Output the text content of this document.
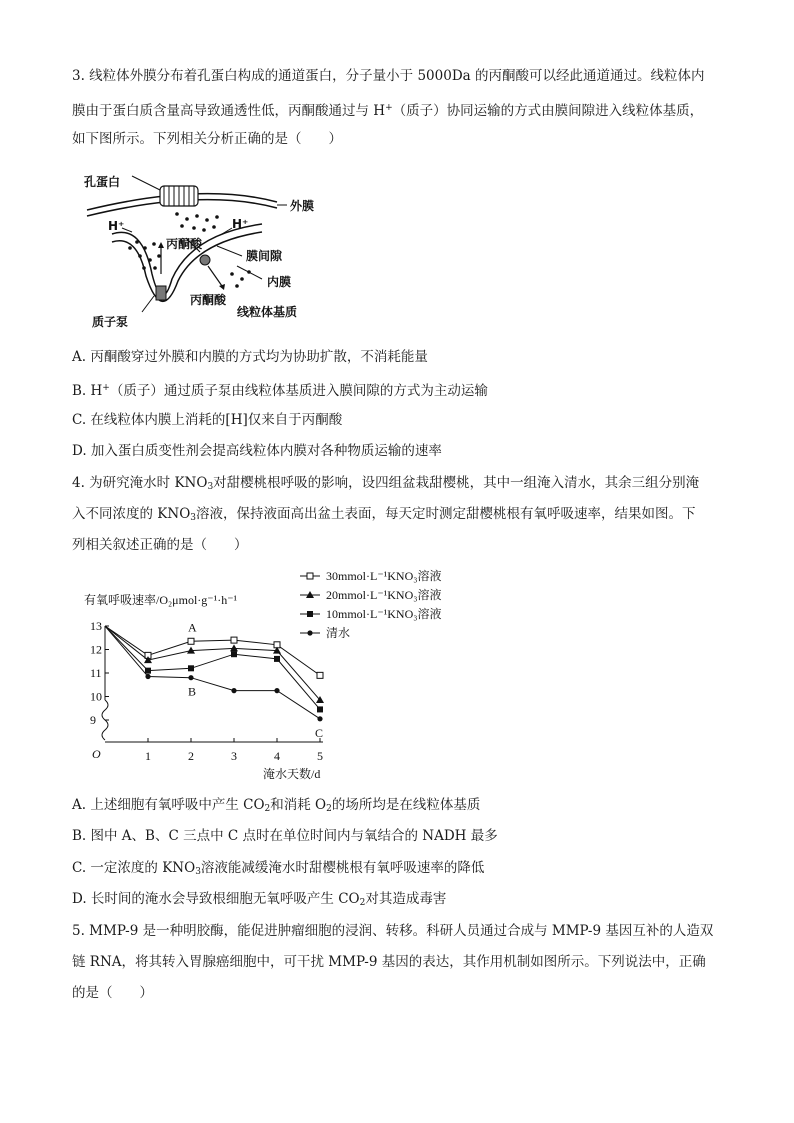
3. 线粒体外膜分布着孔蛋白构成的通道蛋白，分子量小于 5000Da 的丙酮酸可以经此通道通过。线粒体内
膜由于蛋白质含量高导致通透性低，丙酮酸通过与 H+（质子）协同运输的方式由膜间隙进入线粒体基质，
如下图所示。下列相关分析正确的是（　　）
孔蛋白
外膜
H⁺	H⁺
丙酮酸
膜间隙
内膜
质子泵
丙酮酸
线粒体基质
A. 丙酮酸穿过外膜和内膜的方式均为协助扩散，不消耗能量
B. H+（质子）通过质子泵由线粒体基质进入膜间隙的方式为主动运输
C. 在线粒体内膜上消耗的[H]仅来自于丙酮酸
D. 加入蛋白质变性剂会提高线粒体内膜对各种物质运输的速率
4. 为研究淹水时 $KNO_3$对甜樱桃根呼吸的影响，设四组盆栽甜樱桃，其中一组淹入清水，其余三组分别淹
入不同浓度的 $KNO_3$溶液，保持液面高出盆土表面，每天定时测定甜樱桃根有氧呼吸速率，结果如图。下
列相关叙述正确的是（　　）
有氧呼吸速率/O₂μmol·g⁻¹·h⁻¹
O
淹水天数/d
9
10
11
12
13
1	2	3	4	5
30mmol·L⁻¹KNO₃溶液
20mmol·L⁻¹KNO₃溶液
10mmol·L⁻¹KNO₃溶液
清水
A
B
C
A. 上述细胞有氧呼吸中产生 $CO_2$和消耗 $O_2$的场所均是在线粒体基质
B. 图中 A、B、C 三点中 C 点时在单位时间内与氧结合的 NADH 最多
C. 一定浓度的 $KNO_3$溶液能减缓淹水时甜樱桃根有氧呼吸速率的降低
D. 长时间的淹水会导致根细胞无氧呼吸产生 $CO_2$对其造成毒害
5. MMP-9 是一种明胶酶，能促进肿瘤细胞的浸润、转移。科研人员通过合成与 MMP-9 基因互补的人造双
链 RNA，将其转入胃腺癌细胞中，可干扰 MMP-9 基因的表达，其作用机制如图所示。下列说法中，正确
的是（　　）
